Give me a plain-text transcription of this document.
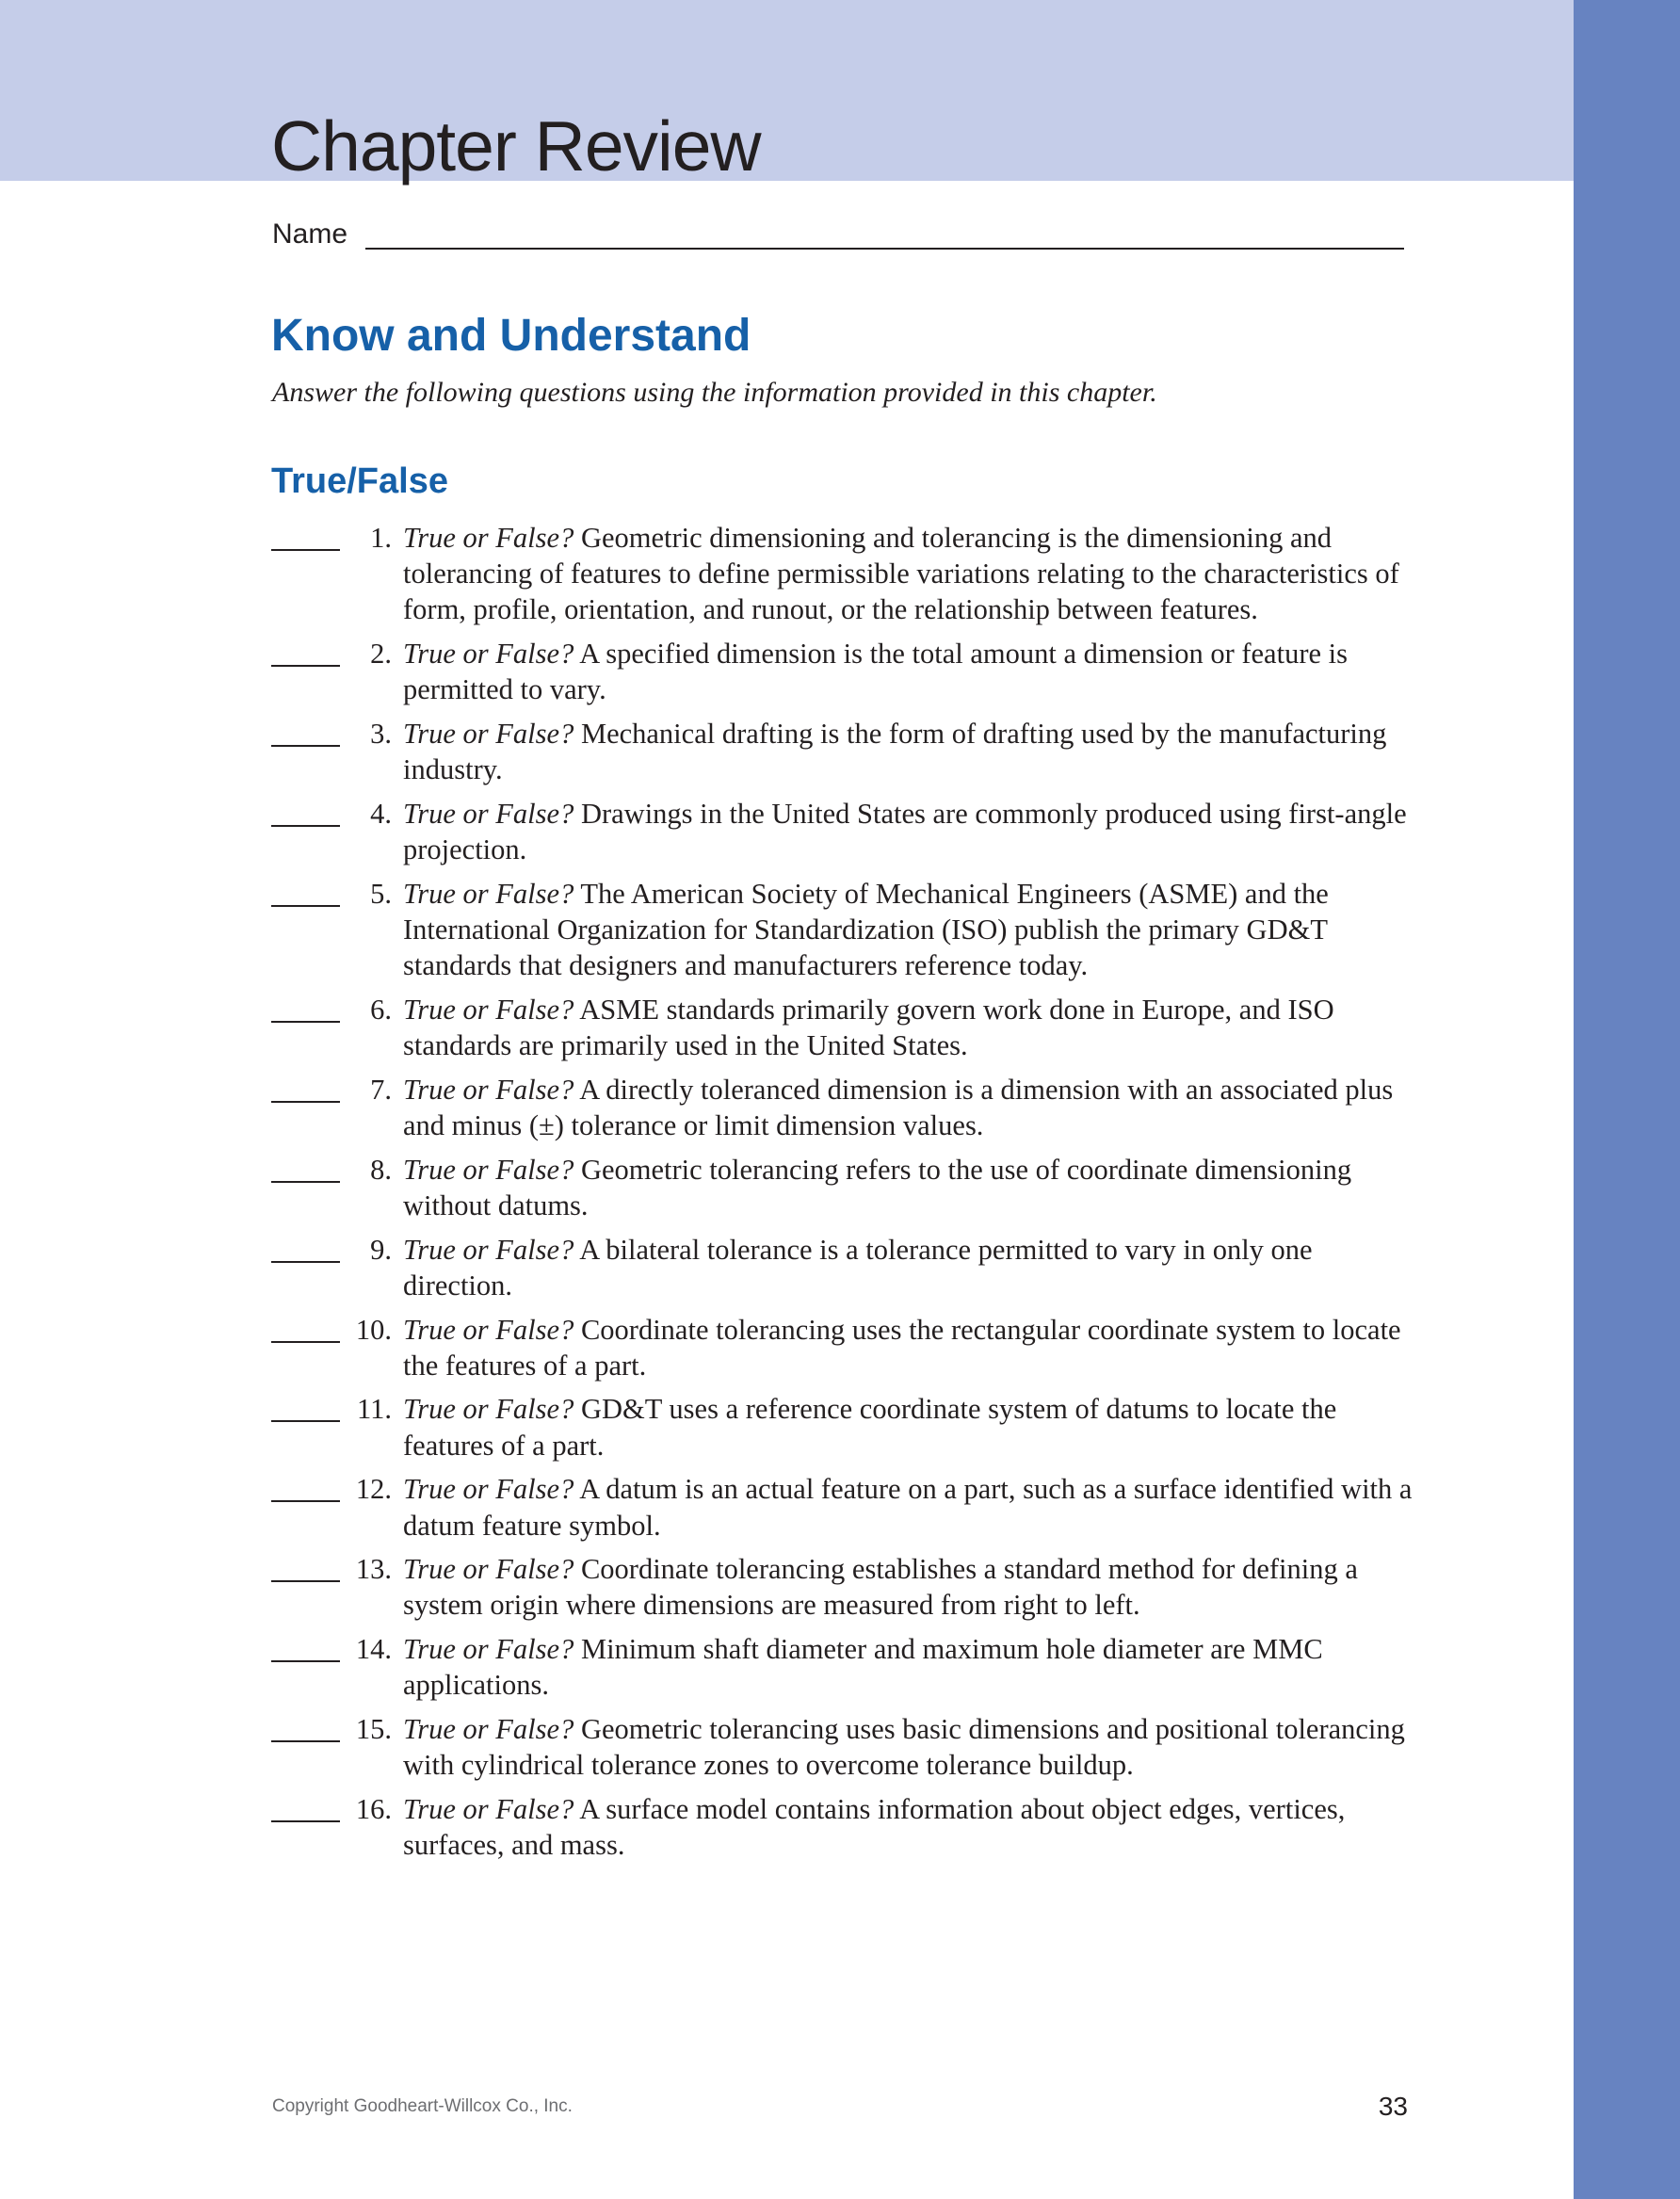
Chapter Review
Name
Know and Understand

Answer the following questions using the information provided in this chapter.

True/False
1. True or False? Geometric dimensioning and tolerancing is the dimensioning and tolerancing of features to define permissible variations relating to the characteristics of form, profile, orientation, and runout, or the relationship between features.
2. True or False? A specified dimension is the total amount a dimension or feature is permitted to vary.
3. True or False? Mechanical drafting is the form of drafting used by the manufacturing industry.
4. True or False? Drawings in the United States are commonly produced using first-angle projection.
5. True or False? The American Society of Mechanical Engineers (ASME) and the International Organization for Standardization (ISO) publish the primary GD&T standards that designers and manufacturers reference today.
6. True or False? ASME standards primarily govern work done in Europe, and ISO standards are primarily used in the United States.
7. True or False? A directly toleranced dimension is a dimension with an associated plus and minus (±) tolerance or limit dimension values.
8. True or False? Geometric tolerancing refers to the use of coordinate dimensioning without datums.
9. True or False? A bilateral tolerance is a tolerance permitted to vary in only one direction.
10. True or False? Coordinate tolerancing uses the rectangular coordinate system to locate the features of a part.
11. True or False? GD&T uses a reference coordinate system of datums to locate the features of a part.
12. True or False? A datum is an actual feature on a part, such as a surface identified with a datum feature symbol.
13. True or False? Coordinate tolerancing establishes a standard method for defining a system origin where dimensions are measured from right to left.
14. True or False? Minimum shaft diameter and maximum hole diameter are MMC applications.
15. True or False? Geometric tolerancing uses basic dimensions and positional tolerancing with cylindrical tolerance zones to overcome tolerance buildup.
16. True or False? A surface model contains information about object edges, vertices, surfaces, and mass.

Copyright Goodheart-Willcox Co., Inc.	33
